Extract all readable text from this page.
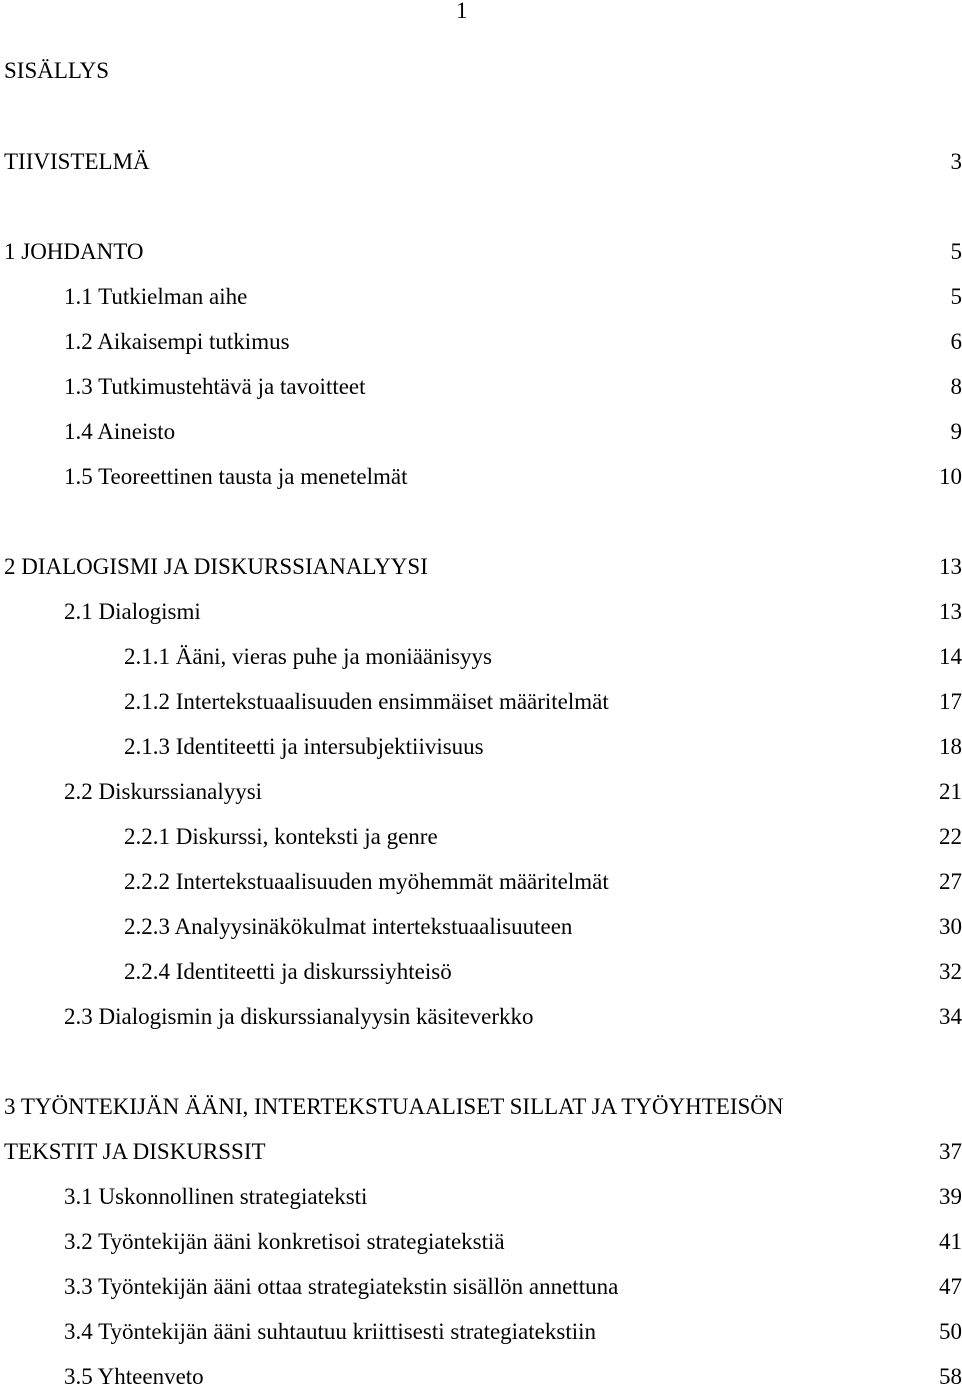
1
SISÄLLYS
TIIVISTELMÄ	3
1 JOHDANTO	5
1.1 Tutkielman aihe	5
1.2 Aikaisempi tutkimus	6
1.3 Tutkimustehtävä ja tavoitteet	8
1.4 Aineisto	9
1.5 Teoreettinen tausta ja menetelmät	10
2 DIALOGISMI JA DISKURSSIANALYYSI	13
2.1 Dialogismi	13
2.1.1 Ääni, vieras puhe ja moniäänisyys	14
2.1.2 Intertekstuaalisuuden ensimmäiset määritelmät	17
2.1.3 Identiteetti ja intersubjektiivisuus	18
2.2 Diskurssianalyysi	21
2.2.1 Diskurssi, konteksti ja genre	22
2.2.2 Intertekstuaalisuuden myöhemmät määritelmät	27
2.2.3 Analyysinäkökulmat intertekstuaalisuuteen	30
2.2.4 Identiteetti ja diskurssiyhteisö	32
2.3 Dialogismin ja diskurssianalyysin käsiteverkko	34
3 TYÖNTEKIJÄN ÄÄNI, INTERTEKSTUAALISET SILLAT JA TYÖYHTEISÖN
TEKSTIT JA DISKURSSIT	37
3.1 Uskonnollinen strategiateksti	39
3.2 Työntekijän ääni konkretisoi strategiatekstiä	41
3.3 Työntekijän ääni ottaa strategiatekstin sisällön annettuna	47
3.4 Työntekijän ääni suhtautuu kriittisesti strategiatekstiin	50
3.5 Yhteenveto	58
